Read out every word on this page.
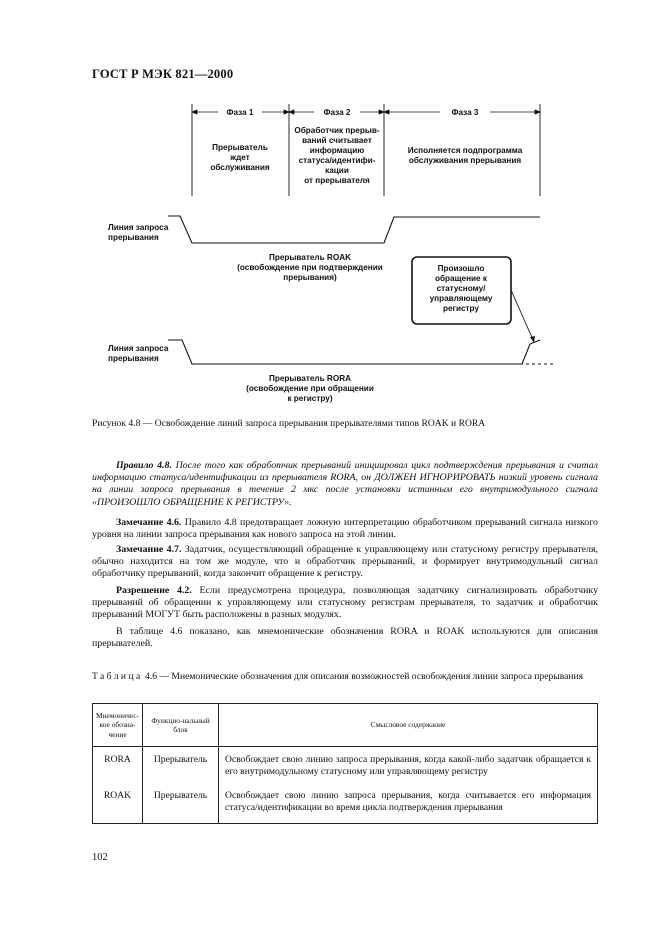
ГОСТ Р МЭК 821—2000
Фаза 1	Фаза 2	Фаза 3
Прерыватель
ждет
обслуживания
Обработчик прерыв-
ваний считывает
информацию
статуса/идентифи-
кации
от прерывателя
Исполняется подпрограмма
обслуживания прерывания
Линия запроса
прерывания
Прерыватель ROAK
(освобождение при подтверждении
прерывания)
Произошло
обращение к
статусному/
управляющему
регистру
Линия запроса
прерывания
Прерыватель RORA
(освобождение при обращении
к регистру)
Рисунок 4.8 — Освобождение линий запроса прерывания прерывателями типов ROAK и RORA

Правило 4.8. После того как обработчик прерываний инициировал цикл подтверждения прерывания и считал информацию статуса/идентификации из прерывателя RORA, он ДОЛЖЕН ИГНОРИРОВАТЬ низкий уровень сигнала на линии запроса прерывания в течение 2 мкс после установки истинным его внутримодульного сигнала «ПРОИЗОШЛО ОБРАЩЕНИЕ К РЕГИСТРУ».

Замечание 4.6. Правило 4.8 предотвращает ложную интерпретацию обработчиком прерываний сигнала низкого уровня на линии запроса прерывания как нового запроса на этой линии.

Замечание 4.7. Задатчик, осуществляющий обращение к управляющему или статусному регистру прерывателя, обычно находится на том же модуле, что и обработчик прерываний, и формирует внутримодульный сигнал обработчику прерываний, когда закончит обращение к регистру.

Разрешение 4.2. Если предусмотрена процедура, позволяющая задатчику сигнализировать обработчику прерываний об обращении к управляющему или статусному регистрам прерывателя, то задатчик и обработчик прерываний МОГУТ быть расположены в разных модулях.

В таблице 4.6 показано, как мнемонические обозначения RORA и ROAK используются для описания прерывателей.

Таблица 4.6 — Мнемонические обозначения для описания возможностей освобождения линии запроса прерывания
Мнемоничес-кое обозна-чение	Функцио-нальный блок	Смысловое содержание
RORA	Прерыватель	Освобождает свою линию запроса прерывания, когда какой-либо задатчик обращается к его внутримодульному статусному или управляющему регистру
ROAK	Прерыватель	Освобождает свою линию запроса прерывания, когда считывается его информация статуса/идентификации во время цикла подтверждения прерывания
102
